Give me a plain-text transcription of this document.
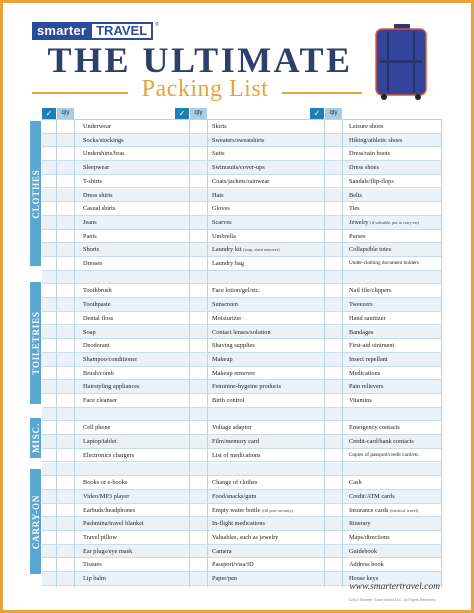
smarter TRAVEL	®
THE ULTIMATE
Packing List
✓	qty	✓	qty	✓	qty
Underwear	Skirts	Leisure shoes
Socks/stockings	Sweaters/sweatshirts	Hiking/athletic shoes
Undershirts/bras	Suits	Dress/rain boots
Sleepwear	Swimsuits/cover-ups	Dress shoes
T-shirts	Coats/jackets/rainwear	Sandals/flip-flops
Dress shirts	Hats	Belts
Casual shirts	Gloves	Ties
Jeans	Scarves	Jewelry (if valuable, put in carry-on)
Pants	Umbrella	Purses
Shorts	Laundry kit (soap, stain remover)	Collapsible totes
Dresses	Laundry bag	Under-clothing document holders
Toothbrush	Face lotion/gel/etc.	Nail file/clippers
Toothpaste	Sunscreen	Tweezers
Dental floss	Moisturizer	Hand sanitizer
Soap	Contact lenses/solution	Bandages
Deodorant	Shaving supplies	First-aid ointment
Shampoo/conditioner	Makeup	Insect repellant
Brush/comb	Makeup remover	Medications
Hairstyling appliances	Feminine-hygeine products	Pain relievers
Face cleanser	Birth control	Vitamins
Cell phone	Voltage adaptor	Emergency contacts
Laptop/tablet	Film/memory card	Credit-card/bank contacts
Electronics chargers	List of medications	Copies of passport/credit card/etc.
Books or e-books	Change of clothes	Cash
Video/MP3 player	Food/snacks/gum	Credit/ATM cards
Earbuds/headphones	Empty water bottle (fill post-security)	Insurance cards (medical, travel)
Pashmina/travel blanket	In-flight medications	Itinerary
Travel pillow	Valuables, such as jewelry	Maps/directions
Ear plugs/eye mask	Camera	Guidebook
Tissues	Passport/visa/ID	Address book
Lip balm	Paper/pen	House keys
CLOTHES
TOILETRIES
MISC.
CARRY-ON
www.smartertravel.com
©2014 Smarter Travel Media LLC. All Rights Reserved.
